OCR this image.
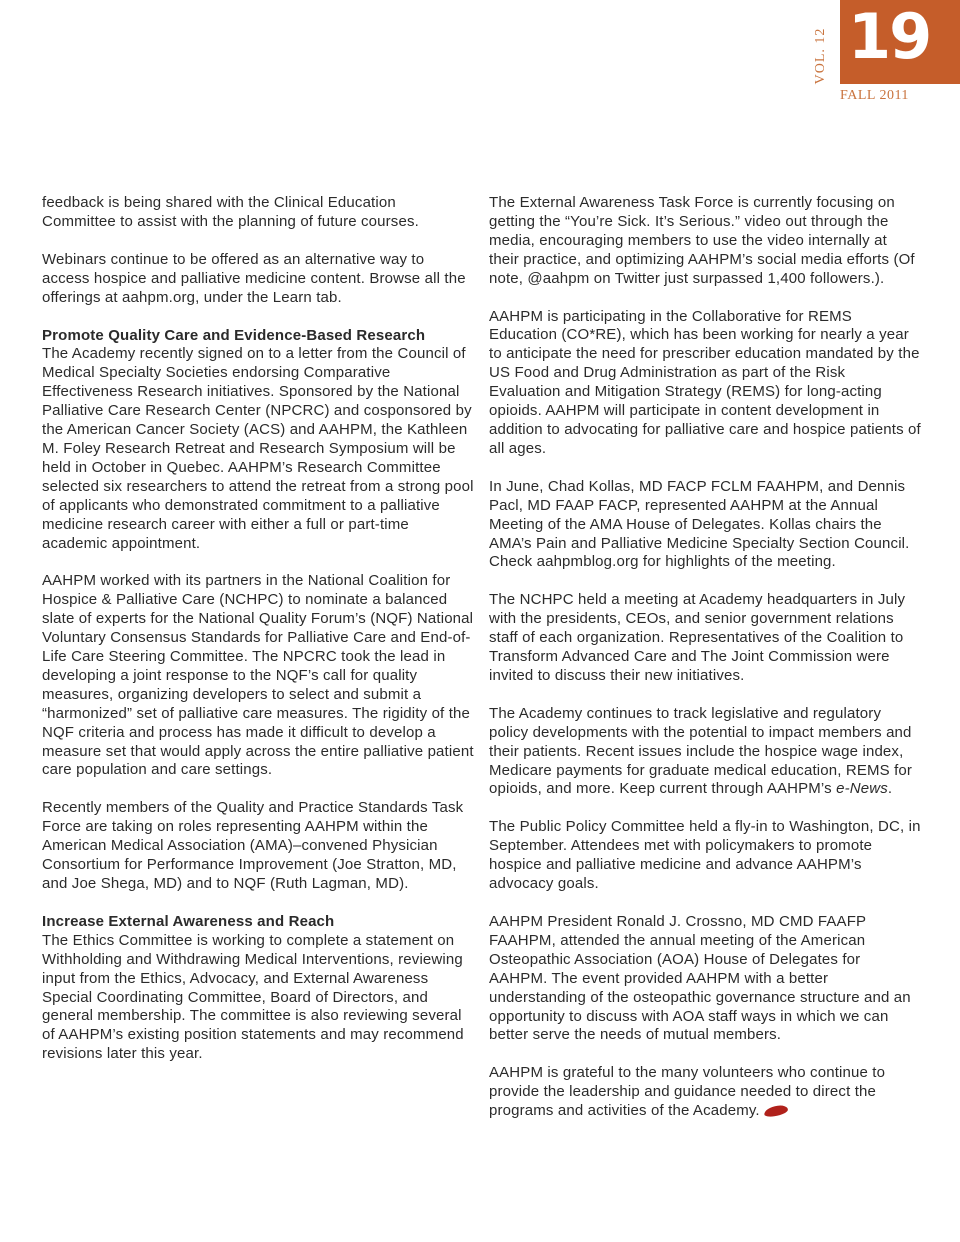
VOL. 12 19
FALL 2011

feedback is being shared with the Clinical Education Committee to assist with the planning of future courses.

Webinars continue to be offered as an alternative way to access hospice and palliative medicine content. Browse all the offerings at aahpm.org, under the Learn tab.

Promote Quality Care and Evidence-Based Research
The Academy recently signed on to a letter from the Council of Medical Specialty Societies endorsing Comparative Effectiveness Research initiatives. Sponsored by the National Palliative Care Research Center (NPCRC) and cosponsored by the American Cancer Society (ACS) and AAHPM, the Kathleen M. Foley Research Retreat and Research Symposium will be held in October in Quebec. AAHPM’s Research Committee selected six researchers to attend the retreat from a strong pool of applicants who demonstrated commitment to a palliative medicine research career with either a full or part-time academic appointment.

AAHPM worked with its partners in the National Coalition for Hospice & Palliative Care (NCHPC) to nominate a balanced slate of experts for the National Quality Forum’s (NQF) National Voluntary Consensus Standards for Palliative Care and End-of-Life Care Steering Committee. The NPCRC took the lead in developing a joint response to the NQF’s call for quality measures, organizing developers to select and submit a “harmonized” set of palliative care measures. The rigidity of the NQF criteria and process has made it difficult to develop a measure set that would apply across the entire palliative patient care population and care settings.

Recently members of the Quality and Practice Standards Task Force are taking on roles representing AAHPM within the American Medical Association (AMA)–convened Physician Consortium for Performance Improvement (Joe Stratton, MD, and Joe Shega, MD) and to NQF (Ruth Lagman, MD).

Increase External Awareness and Reach
The Ethics Committee is working to complete a statement on Withholding and Withdrawing Medical Interventions, reviewing input from the Ethics, Advocacy, and External Awareness Special Coordinating Committee, Board of Directors, and general membership. The committee is also reviewing several of AAHPM’s existing position statements and may recommend revisions later this year.

The External Awareness Task Force is currently focusing on getting the “You’re Sick. It’s Serious.” video out through the media, encouraging members to use the video internally at their practice, and optimizing AAHPM’s social media efforts (Of note, @aahpm on Twitter just surpassed 1,400 followers.).

AAHPM is participating in the Collaborative for REMS Education (CO*RE), which has been working for nearly a year to anticipate the need for prescriber education mandated by the US Food and Drug Administration as part of the Risk Evaluation and Mitigation Strategy (REMS) for long-acting opioids. AAHPM will participate in content development in addition to advocating for palliative care and hospice patients of all ages.

In June, Chad Kollas, MD FACP FCLM FAAHPM, and Dennis Pacl, MD FAAP FACP, represented AAHPM at the Annual Meeting of the AMA House of Delegates. Kollas chairs the AMA’s Pain and Palliative Medicine Specialty Section Council. Check aahpmblog.org for highlights of the meeting.

The NCHPC held a meeting at Academy headquarters in July with the presidents, CEOs, and senior government relations staff of each organization. Representatives of the Coalition to Transform Advanced Care and The Joint Commission were invited to discuss their new initiatives.

The Academy continues to track legislative and regulatory policy developments with the potential to impact members and their patients. Recent issues include the hospice wage index, Medicare payments for graduate medical education, REMS for opioids, and more. Keep current through AAHPM’s e-News.

The Public Policy Committee held a fly-in to Washington, DC, in September. Attendees met with policymakers to promote hospice and palliative medicine and advance AAHPM’s advocacy goals.

AAHPM President Ronald J. Crossno, MD CMD FAAFP FAAHPM, attended the annual meeting of the American Osteopathic Association (AOA) House of Delegates for AAHPM. The event provided AAHPM with a better understanding of the osteopathic governance structure and an opportunity to discuss with AOA staff ways in which we can better serve the needs of mutual members.

AAHPM is grateful to the many volunteers who continue to provide the leadership and guidance needed to direct the programs and activities of the Academy.
